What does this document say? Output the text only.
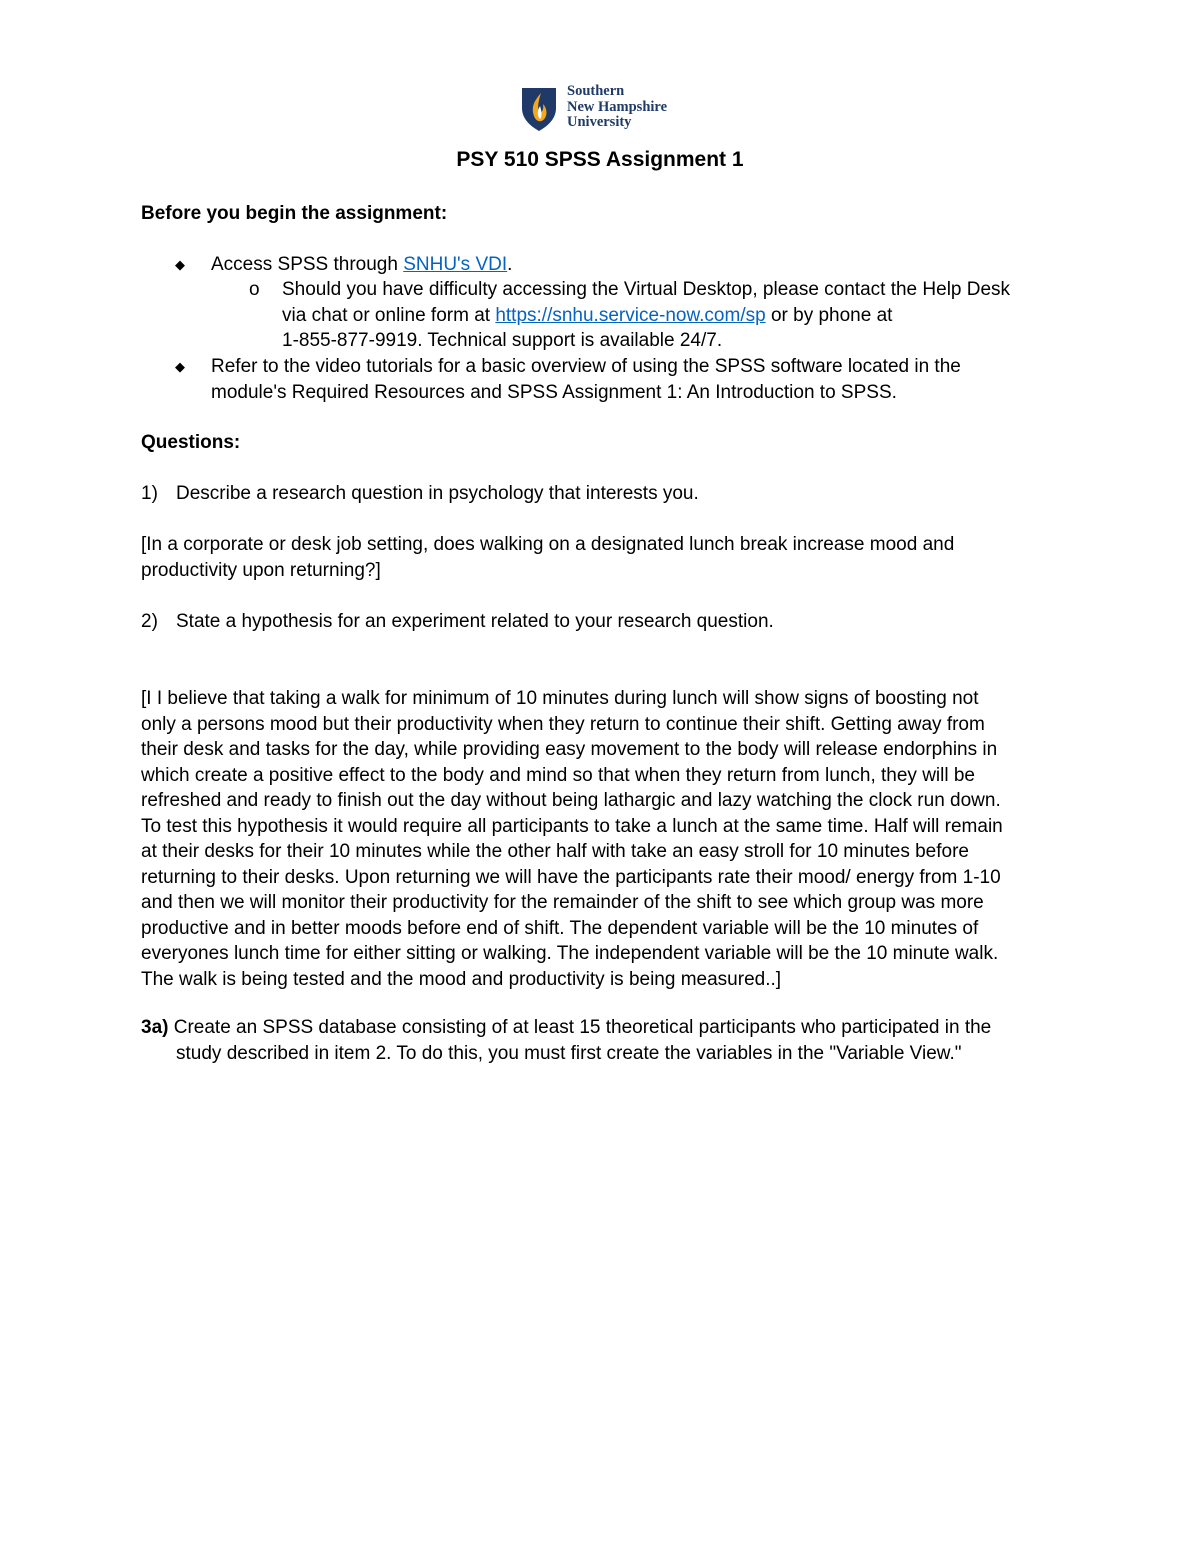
Southern
New Hampshire
University
PSY 510 SPSS Assignment 1
Before you begin the assignment:
◆ Access SPSS through SNHU's VDI.
o Should you have difficulty accessing the Virtual Desktop, please contact the Help Desk
via chat or online form at https://snhu.service-now.com/sp or by phone at
1-855-877-9919. Technical support is available 24/7.
◆ Refer to the video tutorials for a basic overview of using the SPSS software located in the
module's Required Resources and SPSS Assignment 1: An Introduction to SPSS.
Questions:
1) Describe a research question in psychology that interests you.
[In a corporate or desk job setting, does walking on a designated lunch break increase mood and
productivity upon returning?]
2) State a hypothesis for an experiment related to your research question.
[I I believe that taking a walk for minimum of 10 minutes during lunch will show signs of boosting not
only a persons mood but their productivity when they return to continue their shift. Getting away from
their desk and tasks for the day, while providing easy movement to the body will release endorphins in
which create a positive effect to the body and mind so that when they return from lunch, they will be
refreshed and ready to finish out the day without being lathargic and lazy watching the clock run down.
To test this hypothesis it would require all participants to take a lunch at the same time. Half will remain
at their desks for their 10 minutes while the other half with take an easy stroll for 10 minutes before
returning to their desks. Upon returning we will have the participants rate their mood/ energy from 1-10
and then we will monitor their productivity for the remainder of the shift to see which group was more
productive and in better moods before end of shift. The dependent variable will be the 10 minutes of
everyones lunch time for either sitting or walking. The independent variable will be the 10 minute walk.
The walk is being tested and the mood and productivity is being measured..]
3a) Create an SPSS database consisting of at least 15 theoretical participants who participated in the
study described in item 2. To do this, you must first create the variables in the "Variable View."
